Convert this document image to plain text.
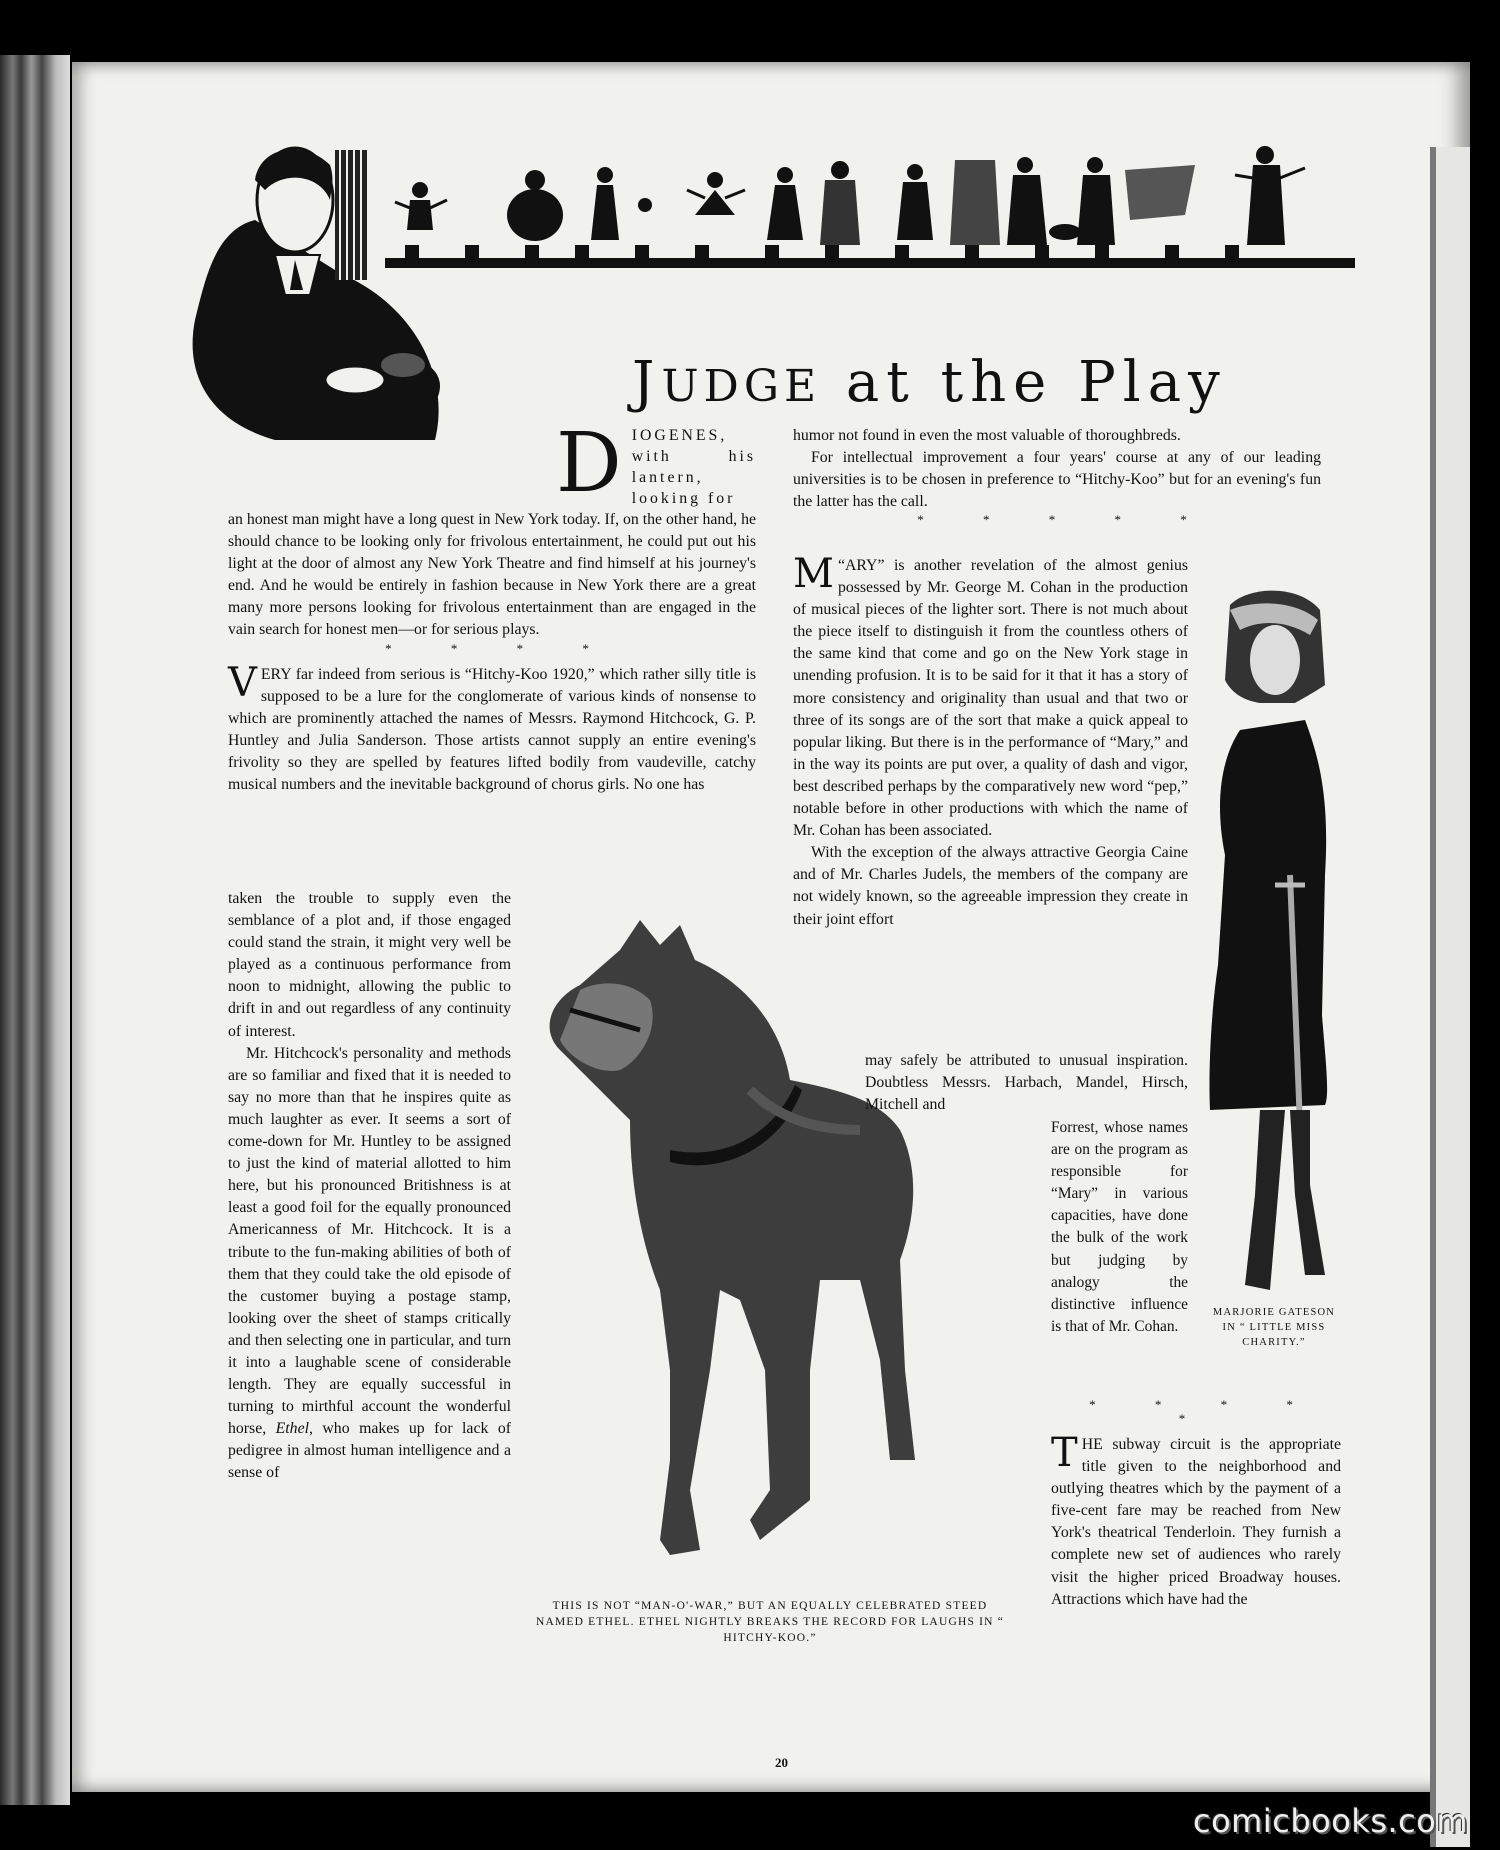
JUDGE at the Play
D IOGENES, with his lantern, looking for

an honest man might have a long quest in New York today. If, on the other hand, he should chance to be looking only for frivolous entertainment, he could put out his light at the door of almost any New York Theatre and find himself at his journey's end. And he would be entirely in fashion because in New York there are a great many more persons looking for frivolous entertainment than are engaged in the vain search for honest men—or for serious plays.

* * * *

VERY far indeed from serious is “Hitchy-Koo 1920,” which rather silly title is supposed to be a lure for the conglomerate of various kinds of nonsense to which are prominently attached the names of Messrs. Raymond Hitchcock, G. P. Huntley and Julia Sanderson. Those artists cannot supply an entire evening's frivolity so they are spelled by features lifted bodily from vaudeville, catchy musical numbers and the inevitable background of chorus girls. No one has

taken the trouble to supply even the semblance of a plot and, if those engaged could stand the strain, it might very well be played as a continuous performance from noon to midnight, allowing the public to drift in and out regardless of any continuity of interest.

Mr. Hitchcock's personality and methods are so familiar and fixed that it is needed to say no more than that he inspires quite as much laughter as ever. It seems a sort of come-down for Mr. Huntley to be assigned to just the kind of material allotted to him here, but his pronounced Britishness is at least a good foil for the equally pronounced Americanness of Mr. Hitchcock. It is a tribute to the fun-making abilities of both of them that they could take the old episode of the customer buying a postage stamp, looking over the sheet of stamps critically and then selecting one in particular, and turn it into a laughable scene of considerable length. They are equally successful in turning to mirthful account the wonderful horse, Ethel, who makes up for lack of pedigree in almost human intelligence and a sense of

THIS IS NOT “MAN-O'-WAR,” BUT AN EQUALLY CELEBRATED STEED NAMED ETHEL. ETHEL NIGHTLY BREAKS THE RECORD FOR LAUGHS IN “ HITCHY-KOO.”

humor not found in even the most valuable of thoroughbreds.

For intellectual improvement a four years' course at any of our leading universities is to be chosen in preference to “Hitchy-Koo” but for an evening's fun the latter has the call.

* * * * *

“
M ARY” is another revelation of the almost genius possessed by Mr. George M. Cohan in the production of musical pieces of the lighter sort. There is not much about the piece itself to distinguish it from the countless others of the same kind that come and go on the New York stage in unending profusion. It is to be said for it that it has a story of more consistency and originality than usual and that two or three of its songs are of the sort that make a quick appeal to popular liking. But there is in the performance of “Mary,” and in the way its points are put over, a quality of dash and vigor, best described perhaps by the comparatively new word “pep,” notable before in other productions with which the name of Mr. Cohan has been associated.

With the exception of the always attractive Georgia Caine and of Mr. Charles Judels, the members of the company are not widely known, so the agreeable impression they create in their joint effort

may safely be attributed to unusual inspiration. Doubtless Messrs. Harbach, Mandel, Hirsch, Mitchell and

Forrest, whose names are on the program as responsible for “Mary” in various capacities, have done the bulk of the work but judging by analogy the distinctive influence is that of Mr. Cohan.

MARJORIE GATESON IN “ LITTLE MISS CHARITY.”

* * * * *

THE subway circuit is the appropriate title given to the neighborhood and outlying theatres which by the payment of a five-cent fare may be reached from New York's theatrical Tenderloin. They furnish a complete new set of audiences who rarely visit the higher priced Broadway houses. Attractions which have had the

20
comicbooks.com
